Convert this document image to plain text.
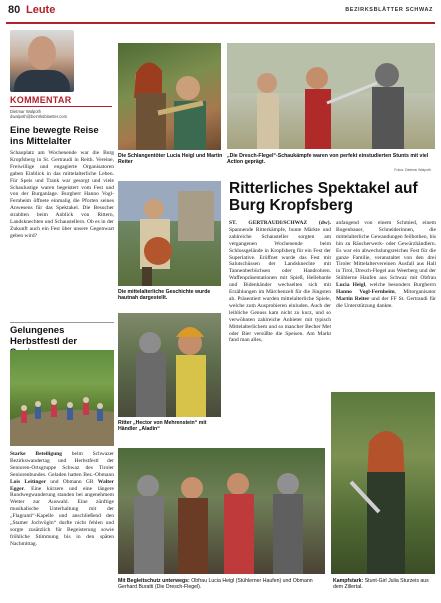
80 Leute	BEZIRKSBLÄTTER SCHWAZ
KOMMENTAR
Dietmar Walpoth
dwalpoth@bezirksblaetter.com
Eine bewegte Reise ins Mittelalter
Schauplatz am Wochenende war die Burg Kropfsberg in St. Gertraudi in Reith. Vereine, Freiwillige und engagierte Organisatoren gaben Einblick in das mittelalterliche Leben. Für Speis und Trank war gesorgt und viele Schaulustige waren begeistert vom Fest und von der Burganlage. Burgherr Hanno Vogl-Fernheim öffnete einmalig die Pforten seines Anwesens für das Spektakel. Die Besucher strahlten beim Anblick von Rittern, Landsknechten und Schaustellern. Ob es in der Zukunft auch ein Fest über unsere Gegenwart geben wird?
Gelungenes Herbstfestl der
Starke Beteiligung beim Schwazer Bezirkswandertag und Herbstfestl der Senioren-Ortsgruppe Schwaz des Tiroler Seniorenbundes. Geladen hatten Bez.-Obmann Lois Leitinger und Obmann GR Walter Egger. Eine kürzere und eine längere Rundwegwanderung standen bei angenehmem Wetter zur Auswahl. Eine zünftige musikalische Unterhaltung mit der „Flagranti“-Kapelle und anschließend den „Stamer Jochvögln“ durfte nicht fehlen und sorgte zusätzlich für Begeisterung sowie fröhliche Stimmung bis in den späten Nachmittag.
Die Schlangentöter Lucia Heigl und Martin Reiter
Die mittelalterliche Geschichte wurde hautnah dargestellt.
Ritter „Hector von Mehrenstein“ mit Händler „Aladin“
„Die Dresch-Flegel“-Schaukämpfe waren von perfekt einstudierten Stunts mit viel Action geprägt.
Fotos: Dietmar Walpoth
Ritterliches Spektakel auf Burg Kropfsberg
ST. GERTRAUDI/SCHWAZ (dw). Spannende Ritterkämpfe, bunte Märkte und zahlreiche Schausteller sorgten am vergangenen Wochenende beim Schlossgelände in Kropfsberg für ein Fest der Superlative. Eröffnet wurde das Fest mit Salutschüssen der Landsknechte mit Tannenberbüchsen oder Handrohren. Waffenpräsentationen mit Spieß, Hellebarde und Bidenhänder wechselten sich mit Erzählungen im Märchenzelt für die Jüngsten ab. Präsentiert wurden mittelalterliche Spiele, welche zum Ausprobieren einluden. Auch der leibliche Genuss kam nicht zu kurz, und so verwöhnten zahlreiche Anbieter mit typisch Mittelalterlichem und so mancher Becher Met oder Bier versüßte die Speisen. Am Markt fand man alles,
anfangend von einem Schmied, einem Bogenbauer, Schneiderinnen, die mittelalterliche Gewandungen feilbothen, bis hin zu Räucherwerk- oder Gewürzhändlern. Es war ein abwechslungsreiches Fest für die ganze Familie, veranstaltet von den drei Tiroler Mittelaltervereinen Ausfall aus Hall in Tirol, Dresch-Flegel aus Weerberg und der Stühlerne Haufen aus Schwaz mit Obfrau Lucia Heigl, welche besonders Burgherrn Hanno Vogl-Fernheim, Mitorganisator Martin Reiter und der FF St. Gertraudi für die Unterstützung dankte.
Mit Begleitschutz unterwegs: Obfrau Lucia Heigl (Stühlerner Haufen) und Obmann Gerhard Buratti (Die Dresch-Flegel).
Kampfstark: Stunt-Girl Julia Sturzeis aus dem Zillertal.
